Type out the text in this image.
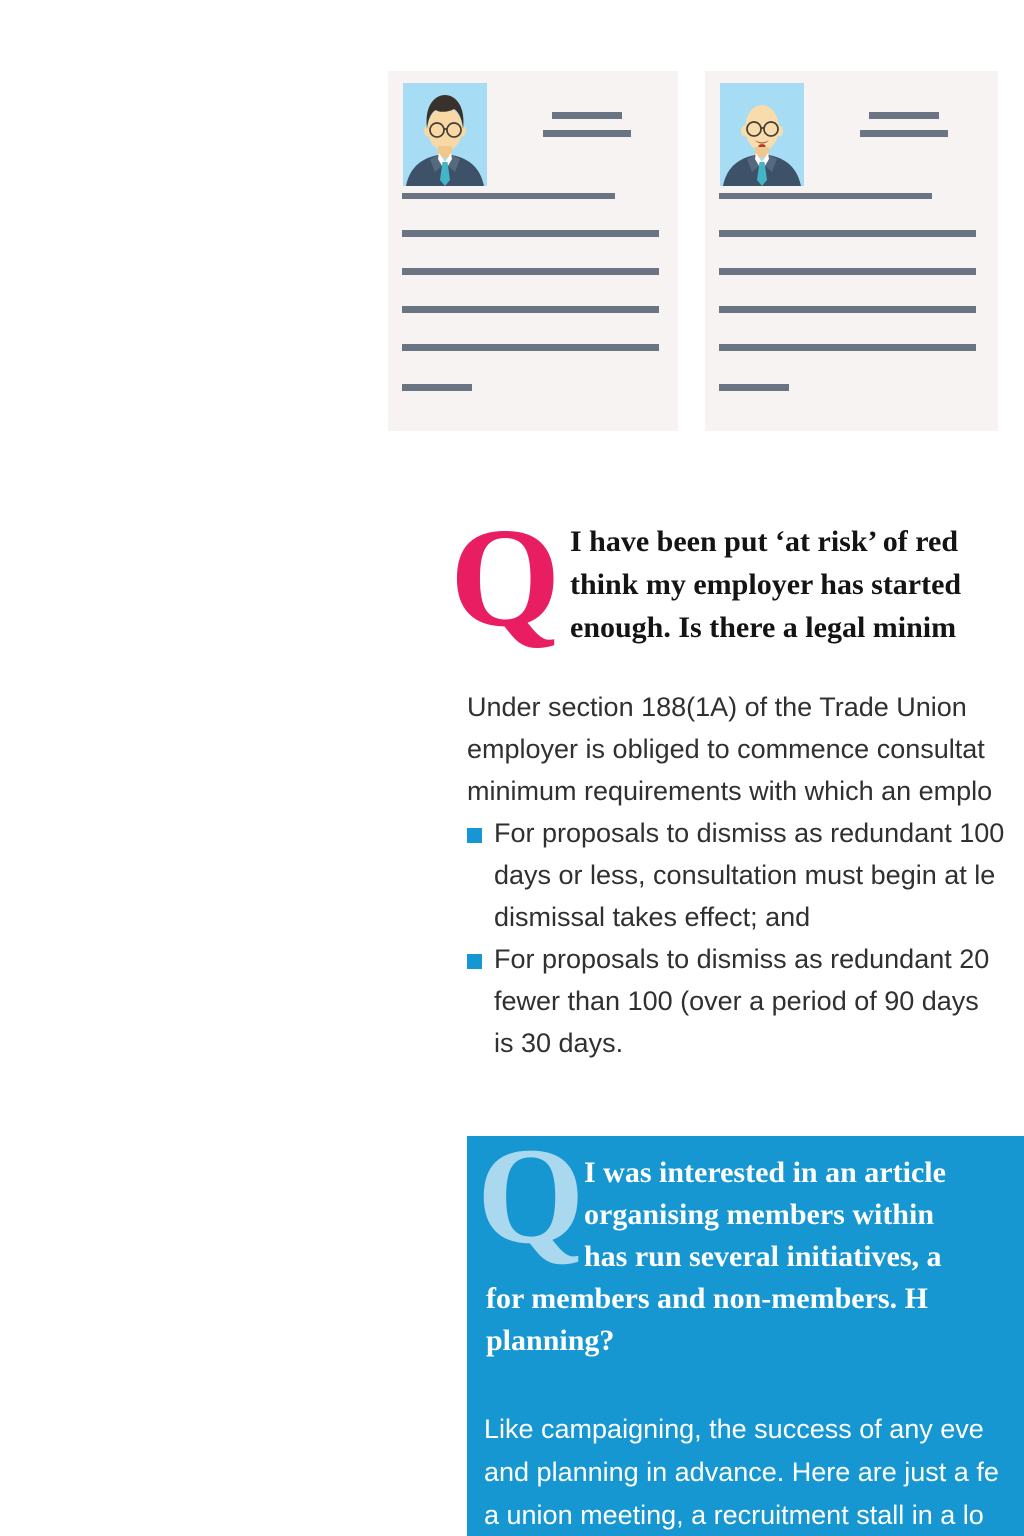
Q I have been put ‘at risk’ of red
think my employer has started
enough. Is there a legal minim
Under section 188(1A) of the Trade Union
employer is obliged to commence consultat
minimum requirements with which an emplo
For proposals to dismiss as redundant 100
days or less, consultation must begin at le
dismissal takes effect; and
For proposals to dismiss as redundant 20
fewer than 100 (over a period of 90 days
is 30 days.
Q I was interested in an article
organising members within
has run several initiatives, a
for members and non-members. H
planning?
Like campaigning, the success of any eve
and planning in advance. Here are just a fe
a union meeting, a recruitment stall in a lo
